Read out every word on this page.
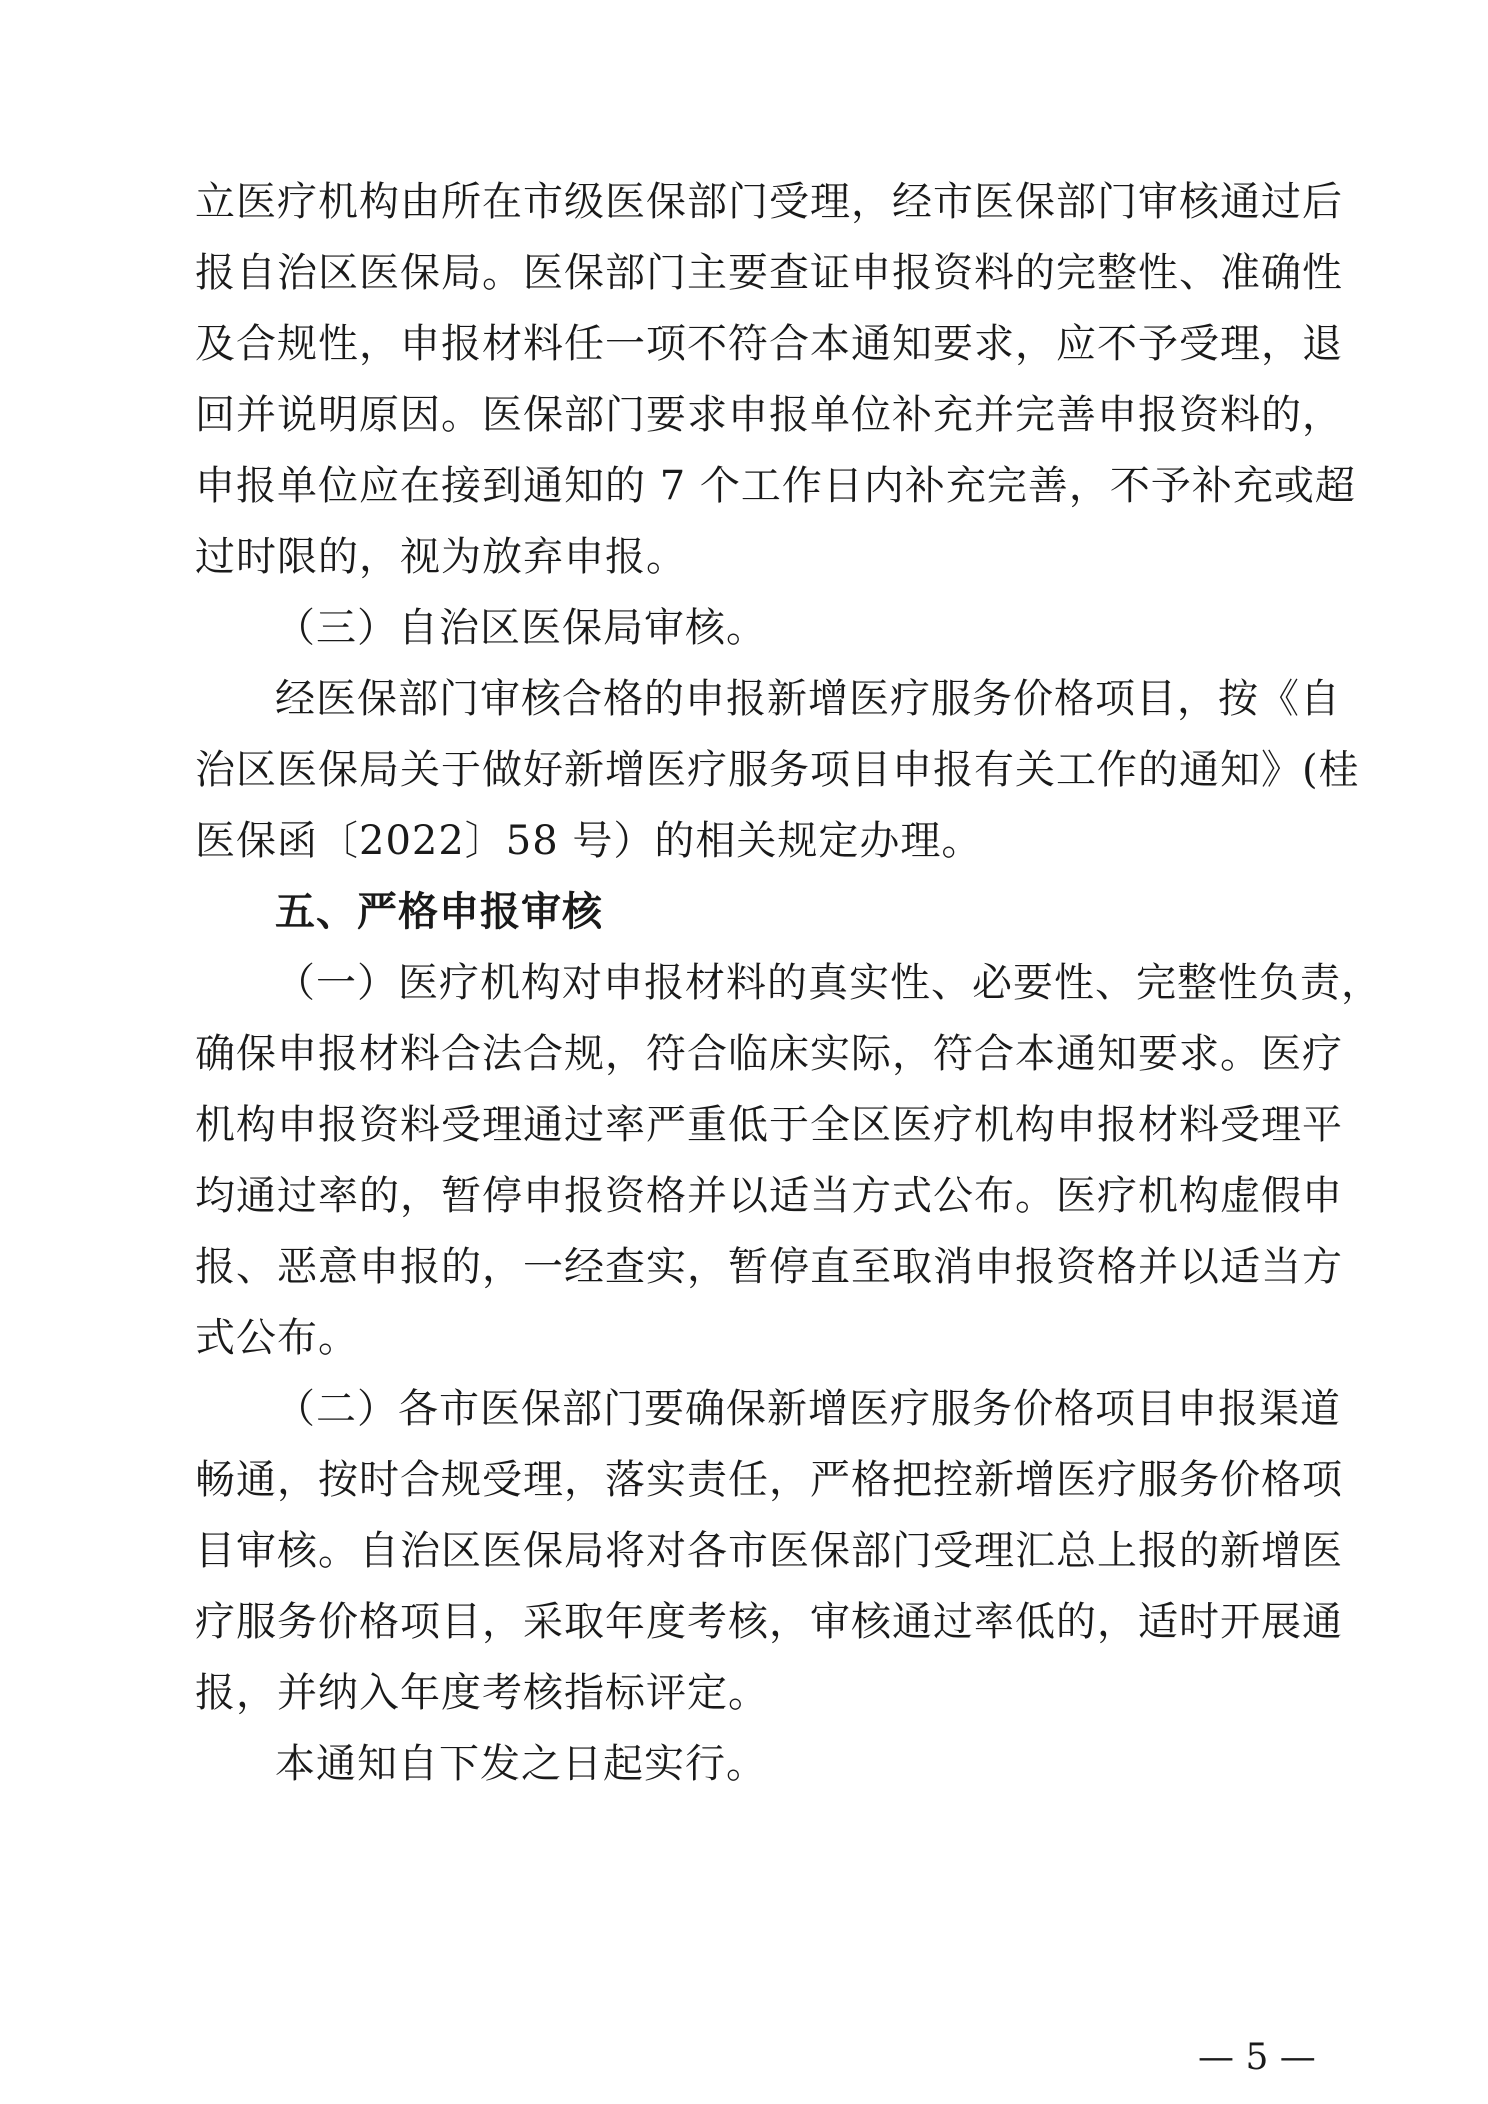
立医疗机构由所在市级医保部门受理，经市医保部门审核通过后
报自治区医保局。医保部门主要查证申报资料的完整性、准确性
及合规性，申报材料任一项不符合本通知要求，应不予受理，退
回并说明原因。医保部门要求申报单位补充并完善申报资料的，
申报单位应在接到通知的 7 个工作日内补充完善，不予补充或超
过时限的，视为放弃申报。
（三）自治区医保局审核。
经医保部门审核合格的申报新增医疗服务价格项目，按《自
治区医保局关于做好新增医疗服务项目申报有关工作的通知》(桂
医保函〔2022〕58 号）的相关规定办理。
五、严格申报审核
（一）医疗机构对申报材料的真实性、必要性、完整性负责，
确保申报材料合法合规，符合临床实际，符合本通知要求。医疗
机构申报资料受理通过率严重低于全区医疗机构申报材料受理平
均通过率的，暂停申报资格并以适当方式公布。医疗机构虚假申
报、恶意申报的，一经查实，暂停直至取消申报资格并以适当方
式公布。
（二）各市医保部门要确保新增医疗服务价格项目申报渠道
畅通，按时合规受理，落实责任，严格把控新增医疗服务价格项
目审核。自治区医保局将对各市医保部门受理汇总上报的新增医
疗服务价格项目，采取年度考核，审核通过率低的，适时开展通
报，并纳入年度考核指标评定。
本通知自下发之日起实行。
— 5 —
